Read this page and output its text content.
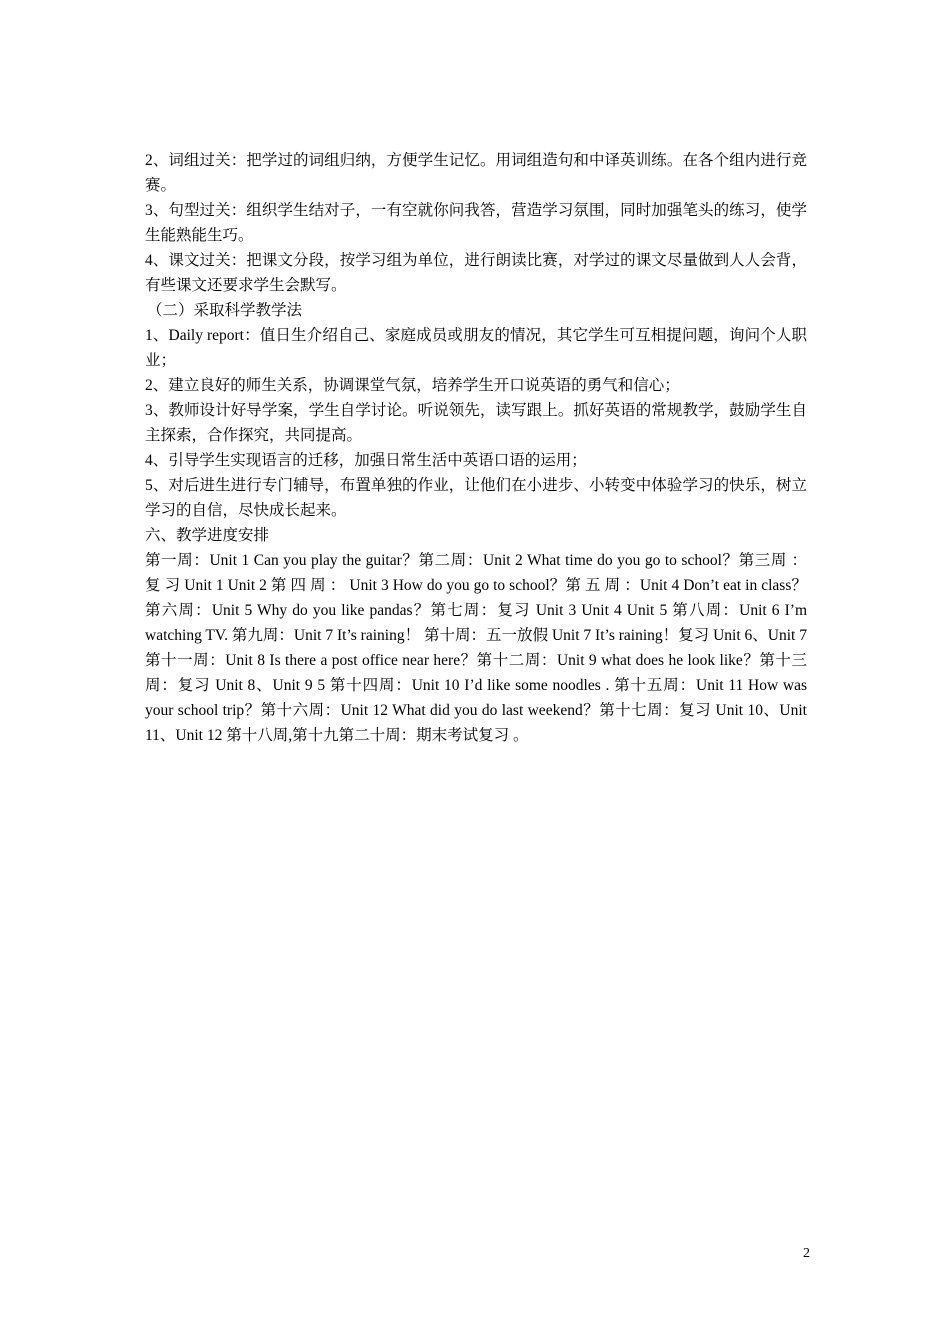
2、词组过关：把学过的词组归纳，方便学生记忆。用词组造句和中译英训练。在各个组内进行竞赛。

3、句型过关：组织学生结对子，一有空就你问我答，营造学习氛围，同时加强笔头的练习，使学生能熟能生巧。

4、课文过关：把课文分段，按学习组为单位，进行朗读比赛，对学过的课文尽量做到人人会背，有些课文还要求学生会默写。

（二）采取科学教学法

1、Daily report：值日生介绍自己、家庭成员或朋友的情况，其它学生可互相提问题，询问个人职业；

2、建立良好的师生关系，协调课堂气氛，培养学生开口说英语的勇气和信心；

3、教师设计好导学案，学生自学讨论。听说领先，读写跟上。抓好英语的常规教学，鼓励学生自主探索，合作探究，共同提高。

4、引导学生实现语言的迁移，加强日常生活中英语口语的运用；

5、对后进生进行专门辅导，布置单独的作业，让他们在小进步、小转变中体验学习的快乐，树立学习的自信，尽快成长起来。

六、教学进度安排

第一周：Unit 1 Can you play the guitar？第二周：Unit 2 What time do you go to school？第三周 ： 复 习 Unit 1 Unit 2 第 四 周 ： Unit 3 How do you go to school？第 五 周 ：Unit 4 Don’t eat in class？第六周：Unit 5 Why do you like pandas？第七周：复习 Unit 3 Unit 4 Unit 5 第八周：Unit 6 I’m watching TV. 第九周：Unit 7 It’s raining！ 第十周：五一放假 Unit 7 It’s raining！复习 Unit 6、Unit 7 第十一周：Unit 8 Is there a post office near here？第十二周：Unit 9 what does he look like？第十三周：复习 Unit 8、Unit 9 5 第十四周：Unit 10 I’d like some noodles . 第十五周：Unit 11 How was your school trip？第十六周：Unit 12 What did you do last weekend？第十七周：复习 Unit 10、Unit 11、Unit 12 第十八周,第十九第二十周：期末考试复习 。

2
